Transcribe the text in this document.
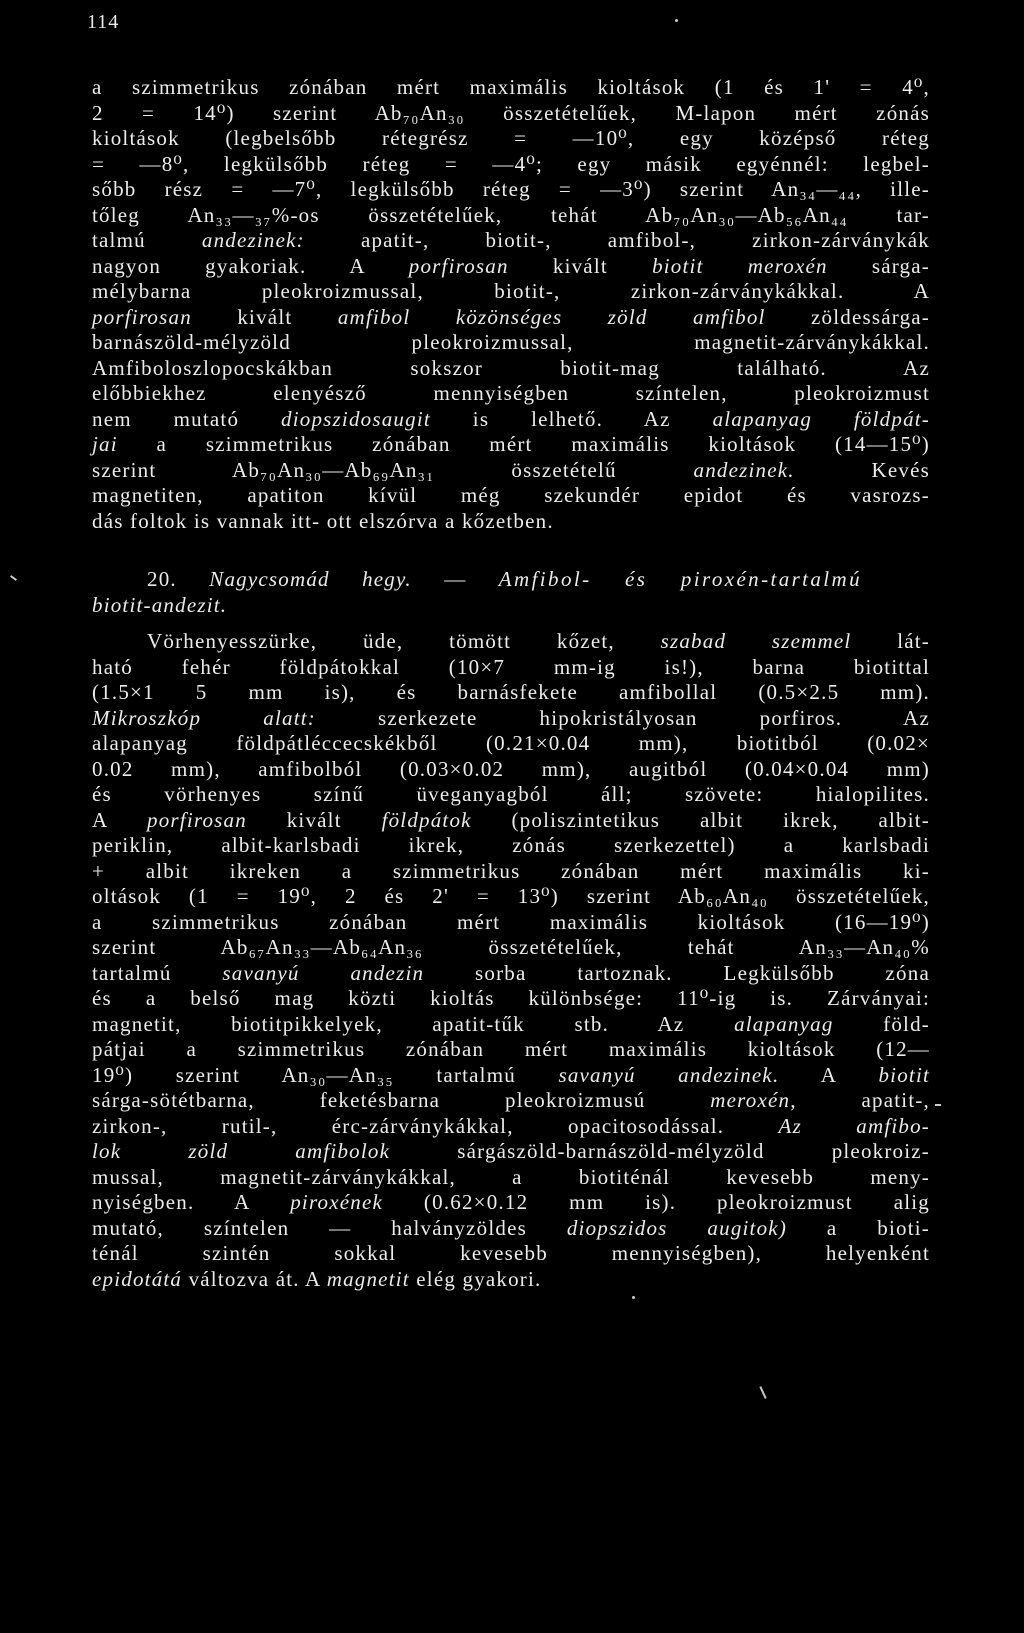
114
a szimmetrikus zónában mért maximális kioltások (1 és 1' = 4⁰,
2 = 14⁰) szerint Ab₇₀An₃₀ összetételűek, M-lapon mért zónás
kioltások (legbelsőbb rétegrész = —10⁰, egy középső réteg
= —8⁰, legkülsőbb réteg = —4⁰; egy másik egyénnél: legbel-
sőbb rész = —7⁰, legkülsőbb réteg = —3⁰) szerint An₃₄—₄₄, ille-
tőleg An₃₃—₃₇%-os összetételűek, tehát Ab₇₀An₃₀—Ab₅₆An₄₄ tar-
talmú andezinek: apatit-, biotit-, amfibol-, zirkon-zárványkák
nagyon gyakoriak. A porfirosan kivált biotit meroxén sárga-
mélybarna pleokroizmussal, biotit-, zirkon-zárványkákkal. A
porfirosan kivált amfibol közönséges zöld amfibol zöldessárga-
barnászöld-mélyzöld pleokroizmussal, magnetit-zárványkákkal.
Amfiboloszlopocskákban sokszor biotit-mag található. Az
előbbiekhez elenyésző mennyiségben színtelen, pleokroizmust
nem mutató diopszidosaugit is lelhető. Az alapanyag földpát-
jai a szimmetrikus zónában mért maximális kioltások (14—15⁰)
szerint Ab₇₀An₃₀—Ab₆₉An₃₁ összetételű andezinek. Kevés
magnetiten, apatiton kívül még szekundér epidot és vasrozs-
dás foltok is vannak itt- ott elszórva a kőzetben.
20. Nagycsomád hegy. — Amfibol- és piroxén-tartalmú
biotit-andezit.
Vörhenyesszürke, üde, tömött kőzet, szabad szemmel lát-
ható fehér földpátokkal (10×7 mm-ig is!), barna biotittal
(1.5×1 5 mm is), és barnásfekete amfibollal (0.5×2.5 mm).
Mikroszkóp alatt: szerkezete hipokristályosan porfiros. Az
alapanyag földpátléccecskékből (0.21×0.04 mm), biotitból (0.02×
0.02 mm), amfibolból (0.03×0.02 mm), augitból (0.04×0.04 mm)
és vörhenyes színű üveganyagból áll; szövete: hialopilites.
A porfirosan kivált földpátok (poliszintetikus albit ikrek, albit-
periklin, albit-karlsbadi ikrek, zónás szerkezettel) a karlsbadi
+ albit ikreken a szimmetrikus zónában mért maximális ki-
oltások (1 = 19⁰, 2 és 2' = 13⁰) szerint Ab₆₀An₄₀ összetételűek,
a szimmetrikus zónában mért maximális kioltások (16—19⁰)
szerint Ab₆₇An₃₃—Ab₆₄An₃₆ összetételűek, tehát An₃₃—An₄₀%
tartalmú savanyú andezin sorba tartoznak. Legkülsőbb zóna
és a belső mag közti kioltás különbsége: 11⁰-ig is. Zárványai:
magnetit, biotitpikkelyek, apatit-tűk stb. Az alapanyag föld-
pátjai a szimmetrikus zónában mért maximális kioltások (12—
19⁰) szerint An₃₀—An₃₅ tartalmú savanyú andezinek. A biotit
sárga-sötétbarna, feketésbarna pleokroizmusú meroxén, apatit-,
zirkon-, rutil-, érc-zárványkákkal, opacitosodással. Az amfibo-
lok zöld amfibolok sárgászöld-barnászöld-mélyzöld pleokroiz-
mussal, magnetit-zárványkákkal, a biotiténál kevesebb meny-
nyiségben. A piroxének (0.62×0.12 mm is). pleokroizmust alig
mutató, színtelen — halványzöldes diopszidos augitok) a bioti-
ténál szintén sokkal kevesebb mennyiségben), helyenként
epidotátá változva át. A magnetit elég gyakori.
